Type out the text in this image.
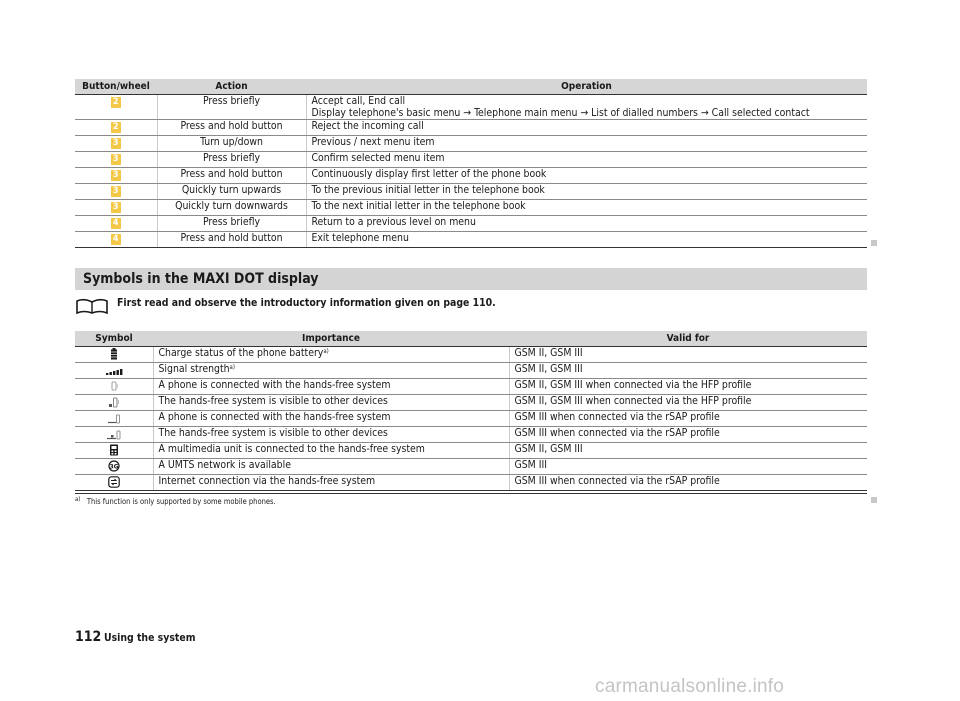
Button/wheel	Action	Operation
2	Press briefly	Accept call, End call
Display telephone's basic menu → Telephone main menu → List of dialled numbers → Call selected contact

2	Press and hold button	Reject the incoming call
3	Turn up/down	Previous / next menu item
3	Press briefly	Confirm selected menu item
3	Press and hold button	Continuously display first letter of the phone book
3	Quickly turn upwards	To the previous initial letter in the telephone book
3	Quickly turn downwards	To the next initial letter in the telephone book
4	Press briefly	Return to a previous level on menu
4	Press and hold button	Exit telephone menu
Symbols in the MAXI DOT display
First read and observe the introductory information given on page 110.
Symbol	Importance	Valid for

	Charge status of the phone battery$^{a)}$	GSM II, GSM III

	Signal strength$^{a)}$	GSM II, GSM III

	A phone is connected with the hands-free system	GSM II, GSM III when connected via the HFP profile

	The hands-free system is visible to other devices	GSM II, GSM III when connected via the HFP profile

	A phone is connected with the hands-free system	GSM III when connected via the rSAP profile

	The hands-free system is visible to other devices	GSM III when connected via the rSAP profile

	A multimedia unit is connected to the hands-free system	GSM II, GSM III

3G	A UMTS network is available	GSM III

	Internet connection via the hands-free system	GSM III when connected via the rSAP profile
$^{a)}$ This function is only supported by some mobile phones.
112 Using the system
carmanualsonline.info
